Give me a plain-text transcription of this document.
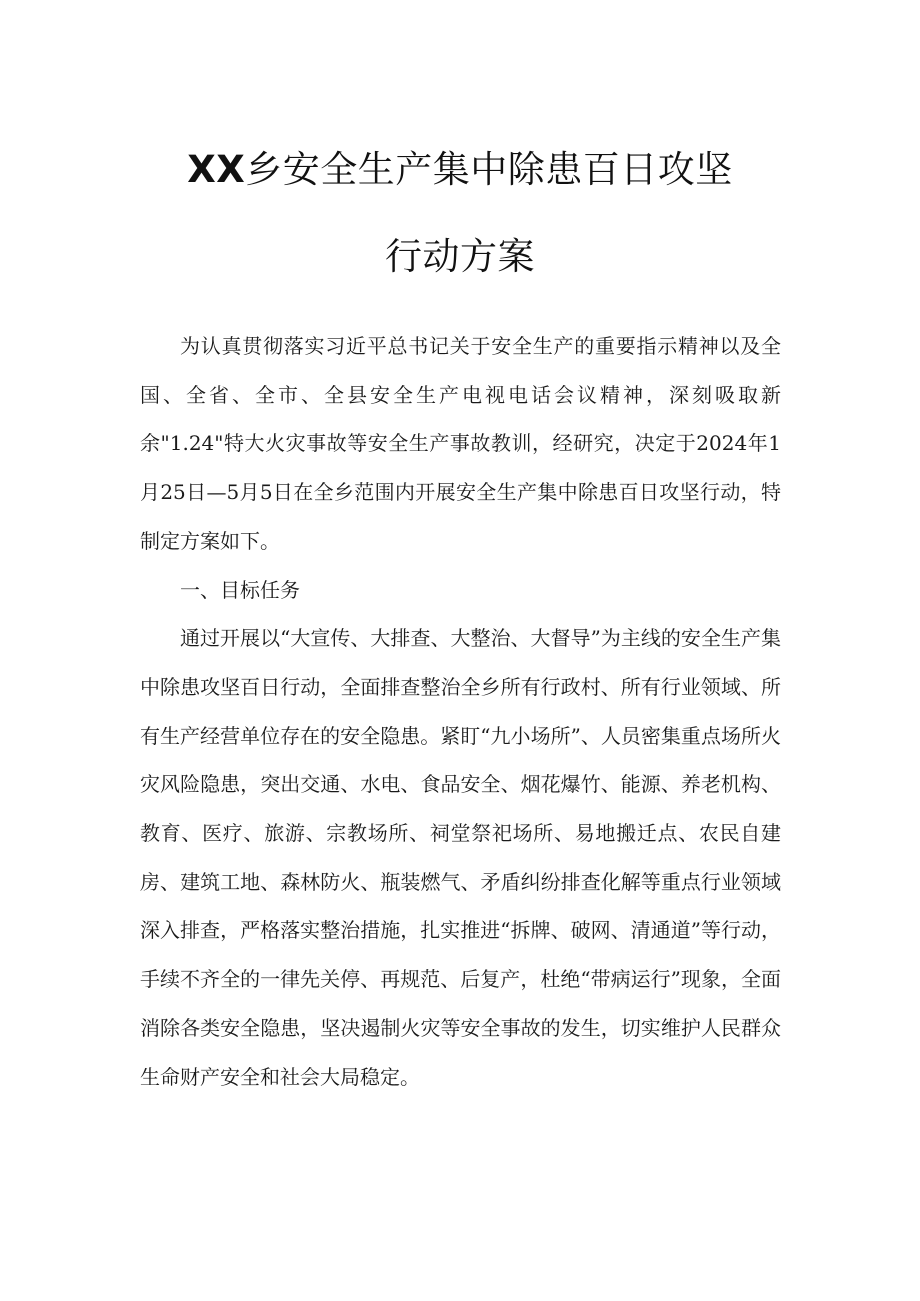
XX乡安全生产集中除患百日攻坚
行动方案

为认真贯彻落实习近平总书记关于安全生产的重要指示精神以及全国、全省、全市、全县安全生产电视电话会议精神，深刻吸取新余"1.24"特大火灾事故等安全生产事故教训，经研究，决定于2024年1月25日—5月5日在全乡范围内开展安全生产集中除患百日攻坚行动，特制定方案如下。

一、目标任务

通过开展以“大宣传、大排查、大整治、大督导”为主线的安全生产集中除患攻坚百日行动，全面排查整治全乡所有行政村、所有行业领域、所有生产经营单位存在的安全隐患。紧盯“九小场所”、人员密集重点场所火灾风险隐患，突出交通、水电、食品安全、烟花爆竹、能源、养老机构、教育、医疗、旅游、宗教场所、祠堂祭祀场所、易地搬迁点、农民自建房、建筑工地、森林防火、瓶装燃气、矛盾纠纷排查化解等重点行业领域深入排查，严格落实整治措施，扎实推进“拆牌、破网、清通道”等行动，手续不齐全的一律先关停、再规范、后复产，杜绝“带病运行”现象，全面消除各类安全隐患，坚决遏制火灾等安全事故的发生，切实维护人民群众生命财产安全和社会大局稳定。
